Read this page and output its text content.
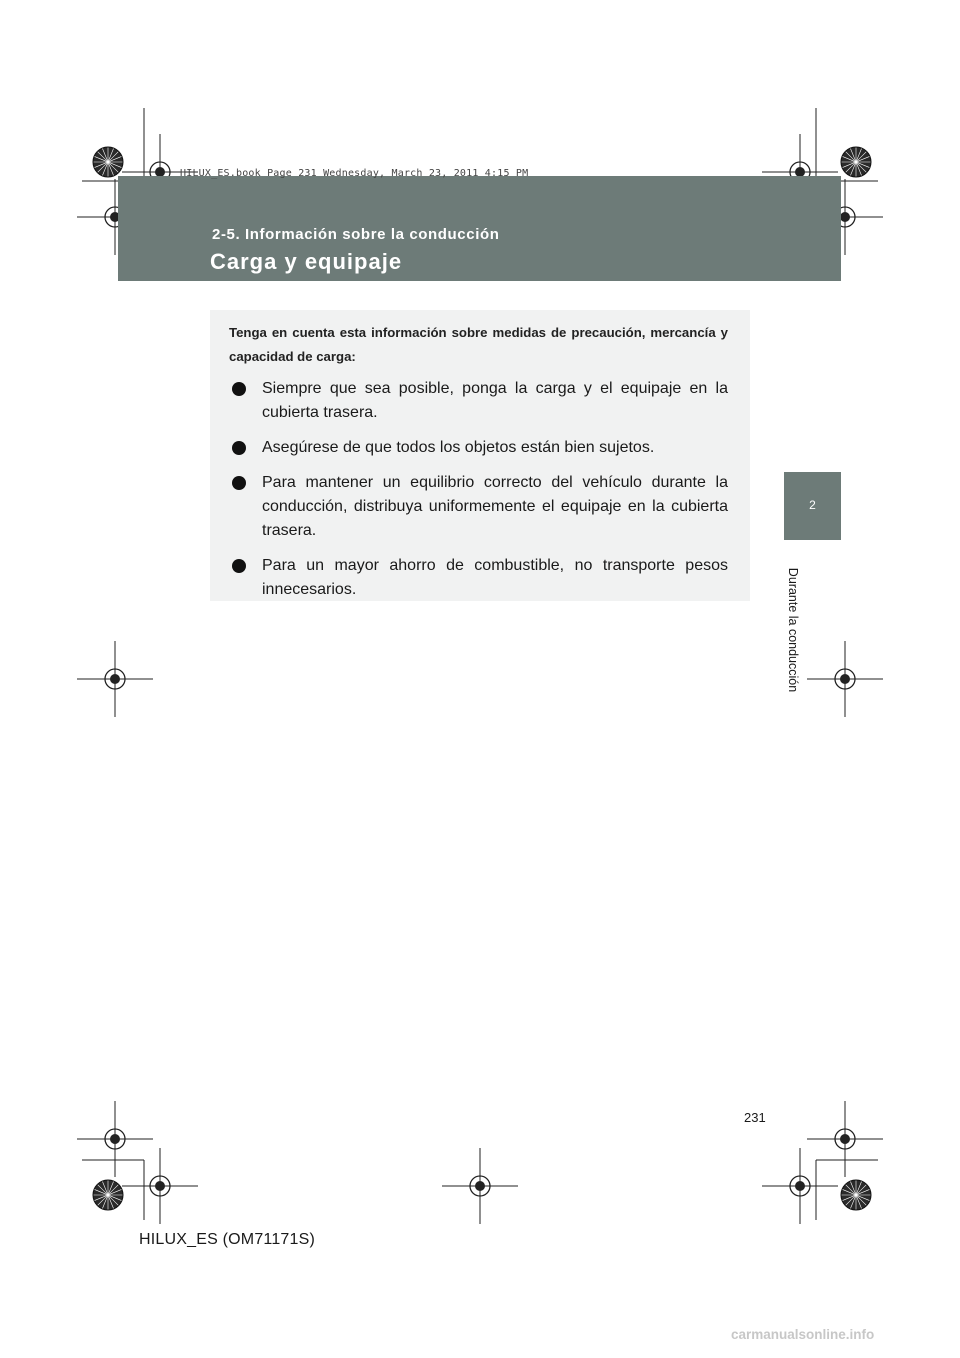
HILUX_ES.book Page 231 Wednesday, March 23, 2011 4:15 PM
2-5. Información sobre la conducción
Carga y equipaje
2
Durante la conducción

Tenga en cuenta esta información sobre medidas de precaución, mercancía y capacidad de carga:

Siempre que sea posible, ponga la carga y el equipaje en la cubierta trasera.
Asegúrese de que todos los objetos están bien sujetos.
Para mantener un equilibrio correcto del vehículo durante la conducción, distribuya uniformemente el equipaje en la cubierta trasera.
Para un mayor ahorro de combustible, no transporte pesos innecesarios.
231
HILUX_ES (OM71171S)
carmanualsonline.info
